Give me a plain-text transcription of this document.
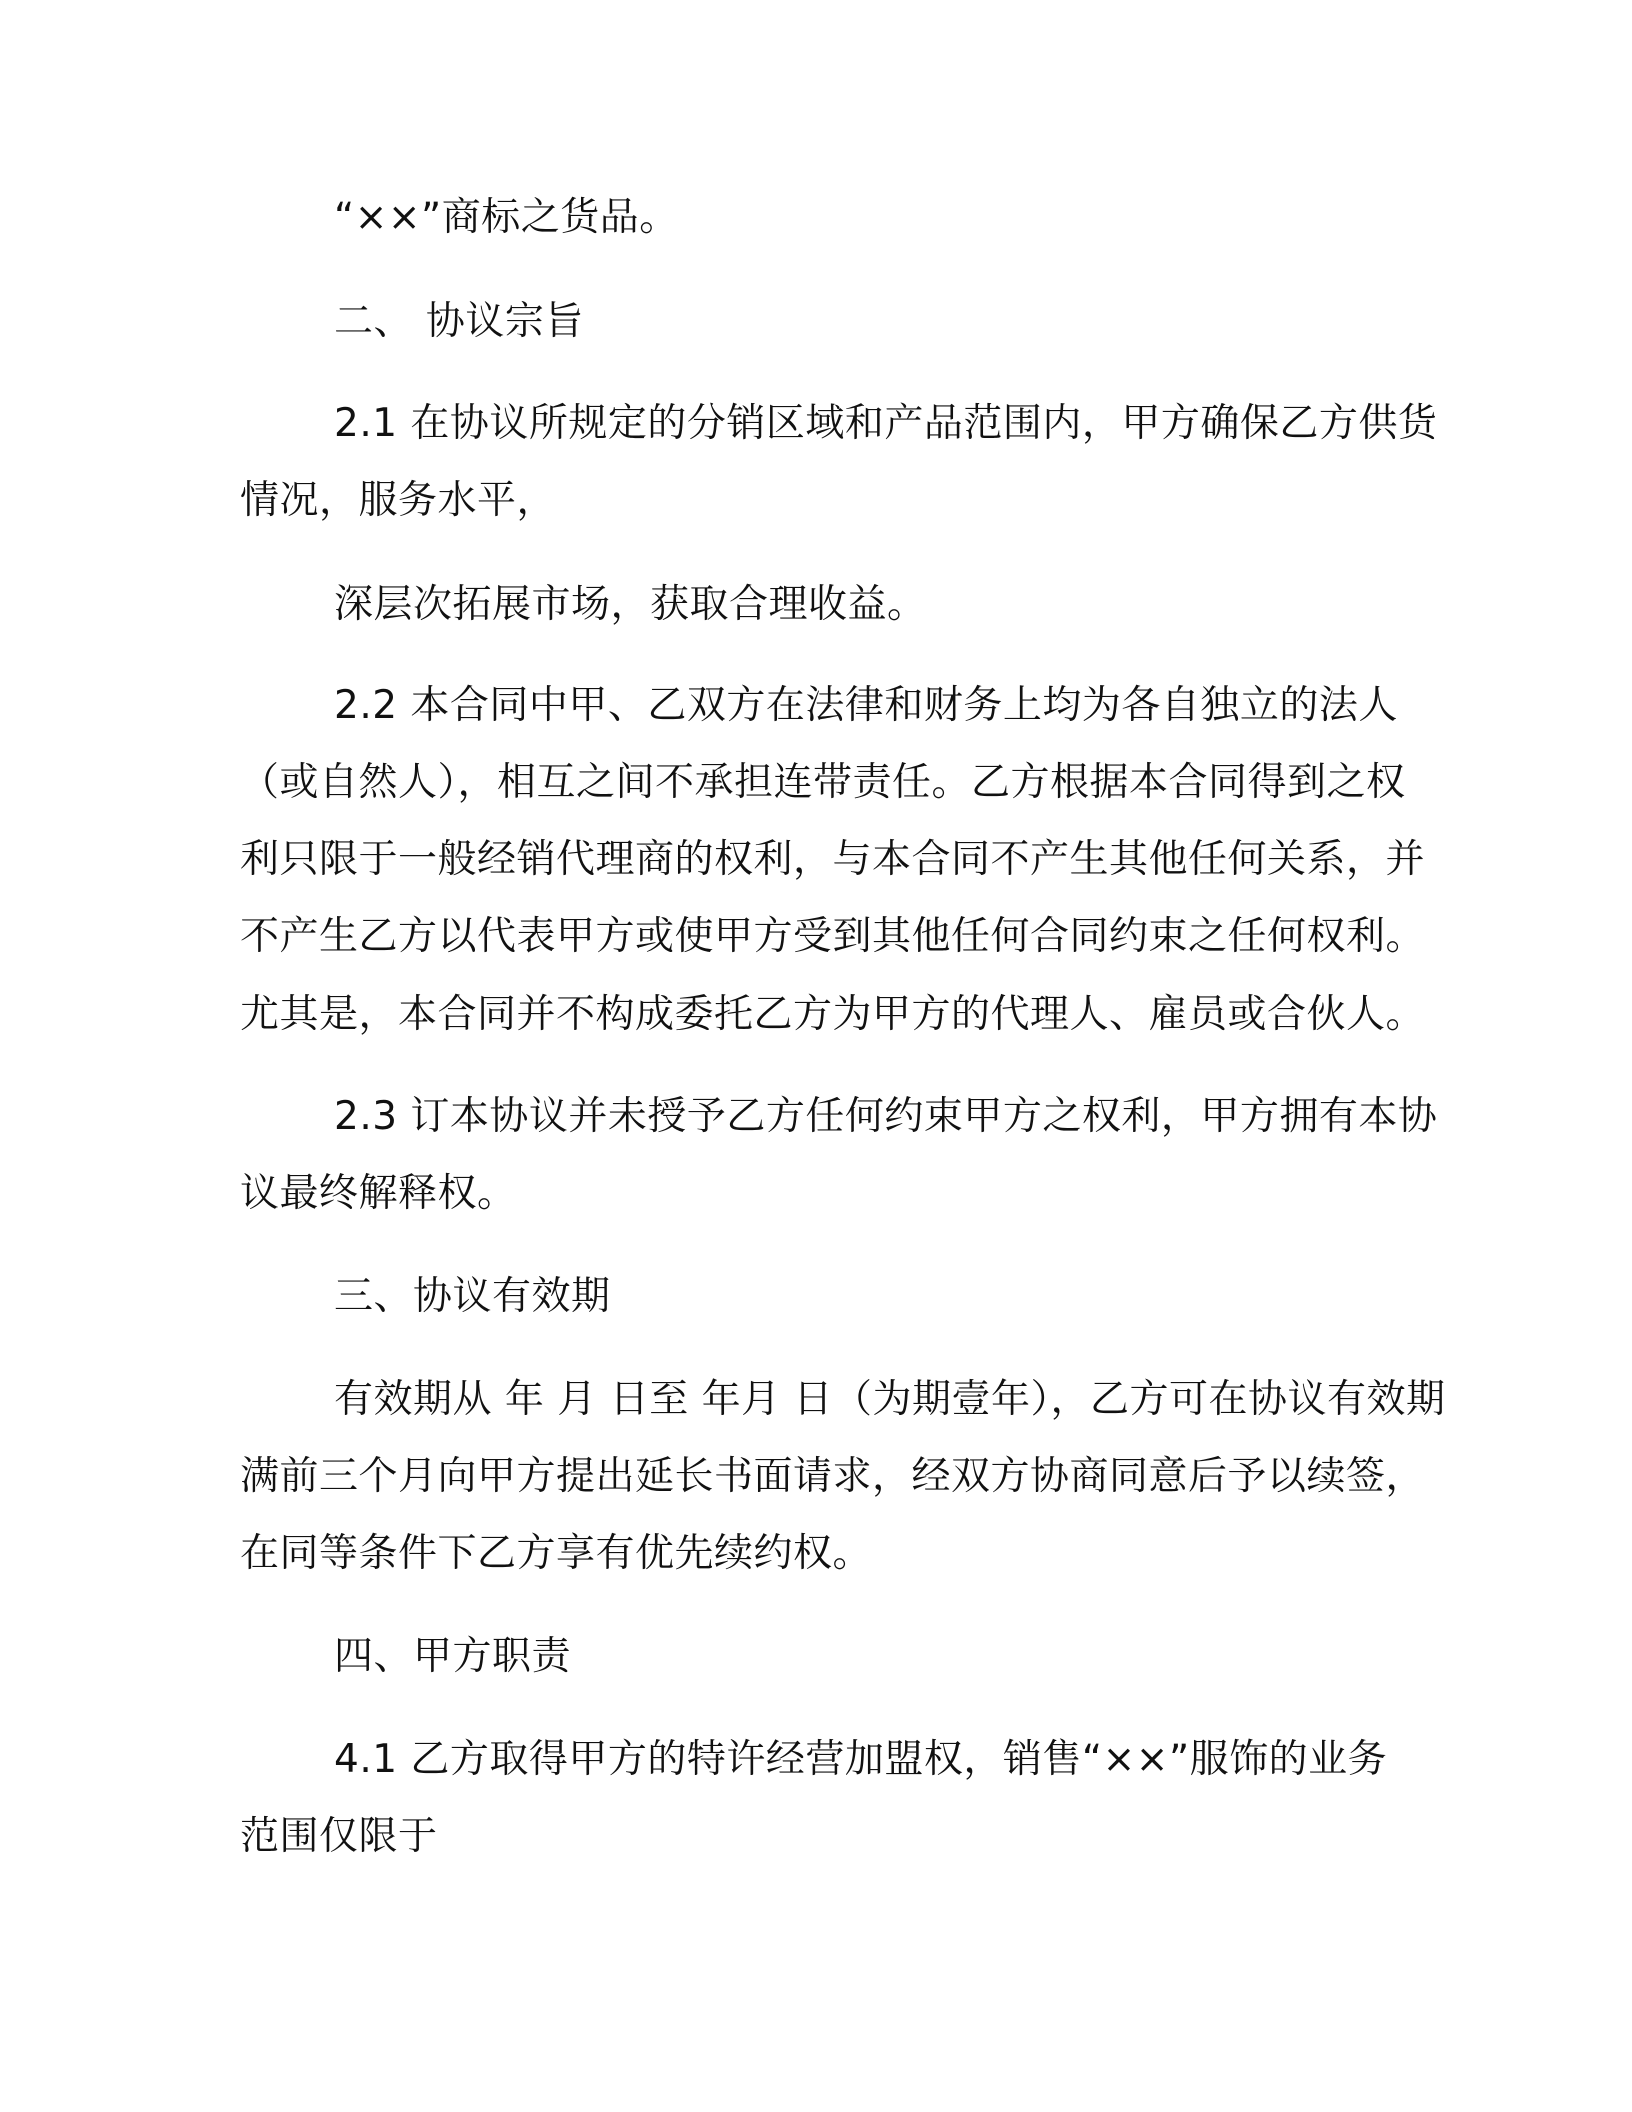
“××”商标之货品。
二、 协议宗旨
2.1 在协议所规定的分销区域和产品范围内，甲方确保乙方供货
情况，服务水平，
深层次拓展市场，获取合理收益。
2.2 本合同中甲、乙双方在法律和财务上均为各自独立的法人
（或自然人），相互之间不承担连带责任。乙方根据本合同得到之权
利只限于一般经销代理商的权利，与本合同不产生其他任何关系，并
不产生乙方以代表甲方或使甲方受到其他任何合同约束之任何权利。
尤其是，本合同并不构成委托乙方为甲方的代理人、雇员或合伙人。
2.3 订本协议并未授予乙方任何约束甲方之权利，甲方拥有本协
议最终解释权。
三、协议有效期
有效期从 年 月 日至 年月 日（为期壹年），乙方可在协议有效期
满前三个月向甲方提出延长书面请求，经双方协商同意后予以续签，
在同等条件下乙方享有优先续约权。
四、甲方职责
4.1 乙方取得甲方的特许经营加盟权，销售“××”服饰的业务
范围仅限于
